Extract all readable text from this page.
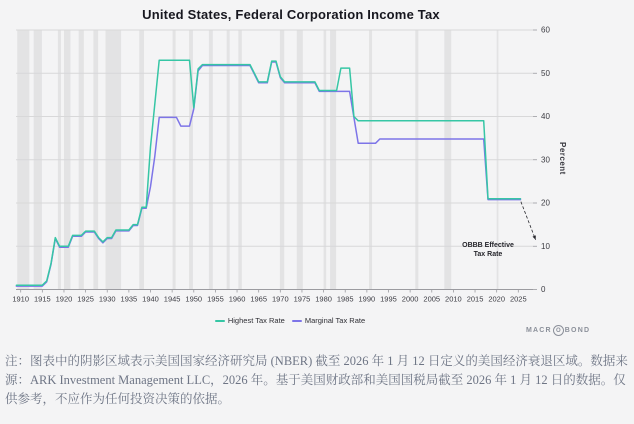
United States, Federal Corporation Income Tax
0
10
20
30
40
50
60
1910 1915 1920 1925 1930 1935 1940 1945 1950 1955 1960 1965 1970 1975 1980 1985 1990 1995 2000 2005 2010 2015 2020 2025
Percent
OBBB Effective
Tax Rate
Highest Tax Rate	Marginal Tax Rate
MACR O BOND
注：图表中的阴影区域表示美国国家经济研究局 (NBER) 截至 2026 年 1 月 12 日定义的美国经济衰退区域。数据来源：ARK Investment Management LLC，2026 年。基于美国财政部和美国国税局截至 2026 年 1 月 12 日的数据。仅供参考，不应作为任何投资决策的依据。
